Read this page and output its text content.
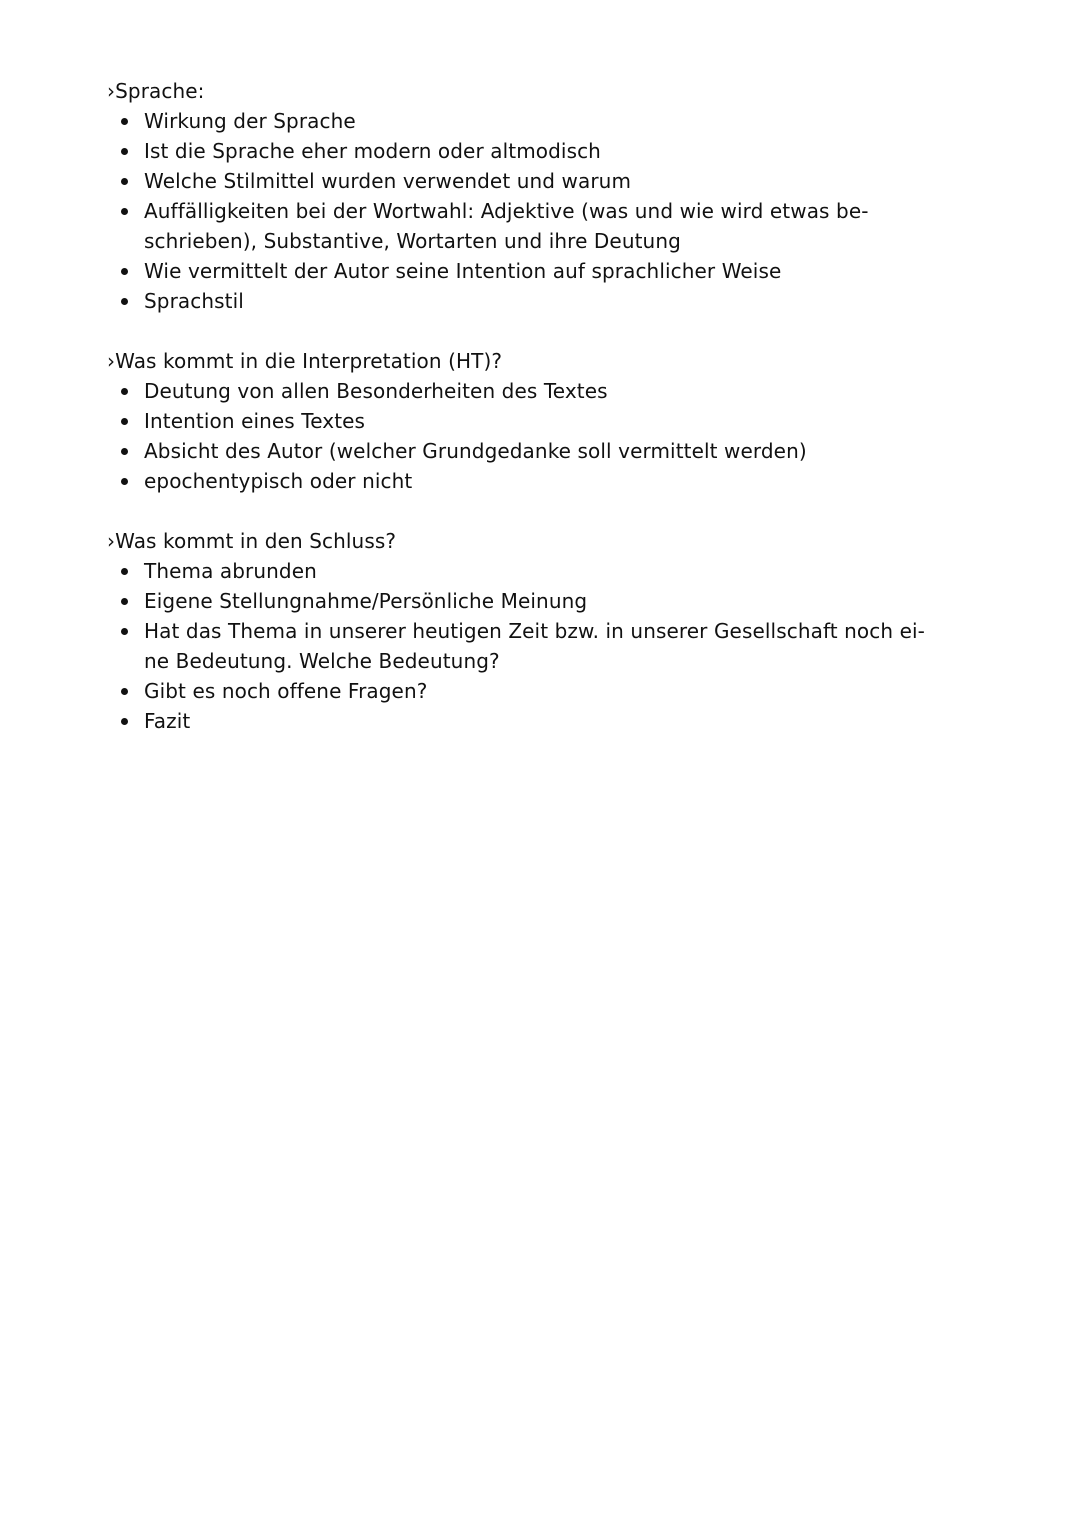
›Sprache:
Wirkung der Sprache
Ist die Sprache eher modern oder altmodisch
Welche Stilmittel wurden verwendet und warum
Auffälligkeiten bei der Wortwahl: Adjektive (was und wie wird etwas be-
schrieben), Substantive, Wortarten und ihre Deutung
Wie vermittelt der Autor seine Intention auf sprachlicher Weise
Sprachstil
›Was kommt in die Interpretation (HT)?
Deutung von allen Besonderheiten des Textes
Intention eines Textes
Absicht des Autor (welcher Grundgedanke soll vermittelt werden)
epochentypisch oder nicht
›Was kommt in den Schluss?
Thema abrunden
Eigene Stellungnahme/Persönliche Meinung
Hat das Thema in unserer heutigen Zeit bzw. in unserer Gesellschaft noch ei-
ne Bedeutung. Welche Bedeutung?
Gibt es noch offene Fragen?
Fazit
